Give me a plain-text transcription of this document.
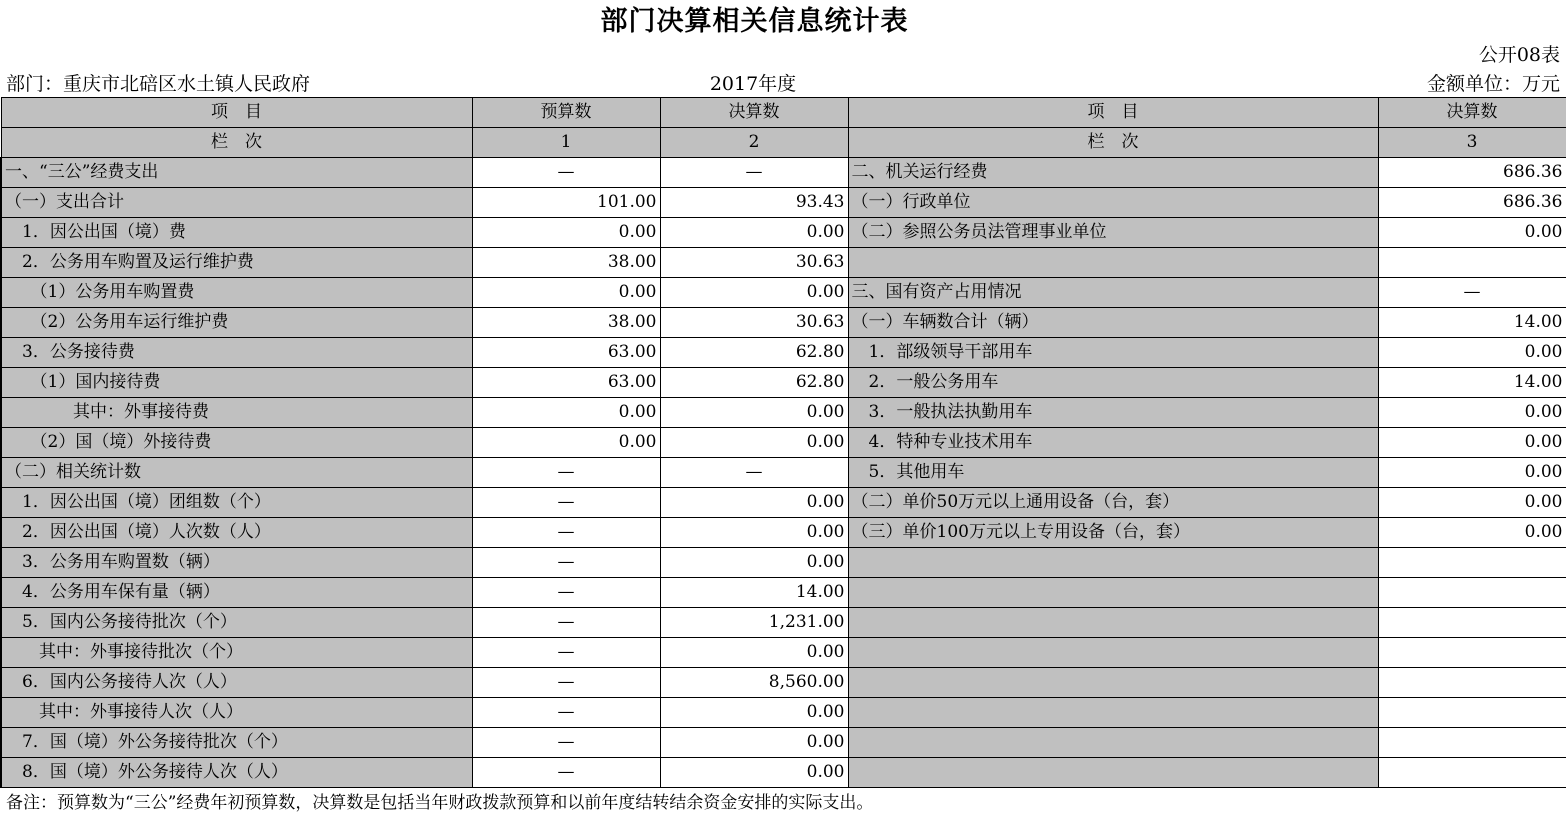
部门决算相关信息统计表
公开08表
部门：重庆市北碚区水土镇人民政府	2017年度	金额单位：万元
项　目	预算数	决算数	项　目	决算数
栏　次	1	2	栏　次	3
一、“三公”经费支出	—	—	二、机关运行经费	686.36
（一）支出合计	101.00	93.43	（一）行政单位	686.36
　1．因公出国（境）费	0.00	0.00	（二）参照公务员法管理事业单位	0.00
　2．公务用车购置及运行维护费	38.00	30.63		
　　（1）公务用车购置费	0.00	0.00	三、国有资产占用情况	—
　　（2）公务用车运行维护费	38.00	30.63	（一）车辆数合计（辆）	14.00
　3．公务接待费	63.00	62.80	　1．部级领导干部用车	0.00
　　（1）国内接待费	63.00	62.80	　2．一般公务用车	14.00
　　　　其中：外事接待费	0.00	0.00	　3．一般执法执勤用车	0.00
　　（2）国（境）外接待费	0.00	0.00	　4．特种专业技术用车	0.00
（二）相关统计数	—	—	　5．其他用车	0.00
　1．因公出国（境）团组数（个）	—	0.00	（二）单价50万元以上通用设备（台，套）	0.00
　2．因公出国（境）人次数（人）	—	0.00	（三）单价100万元以上专用设备（台，套）	0.00
　3．公务用车购置数（辆）	—	0.00		
　4．公务用车保有量（辆）	—	14.00		
　5．国内公务接待批次（个）	—	1,231.00		
　　其中：外事接待批次（个）	—	0.00		
　6．国内公务接待人次（人）	—	8,560.00		
　　其中：外事接待人次（人）	—	0.00		
　7．国（境）外公务接待批次（个）	—	0.00		
　8．国（境）外公务接待人次（人）	—	0.00		
备注：预算数为“三公”经费年初预算数，决算数是包括当年财政拨款预算和以前年度结转结余资金安排的实际支出。
